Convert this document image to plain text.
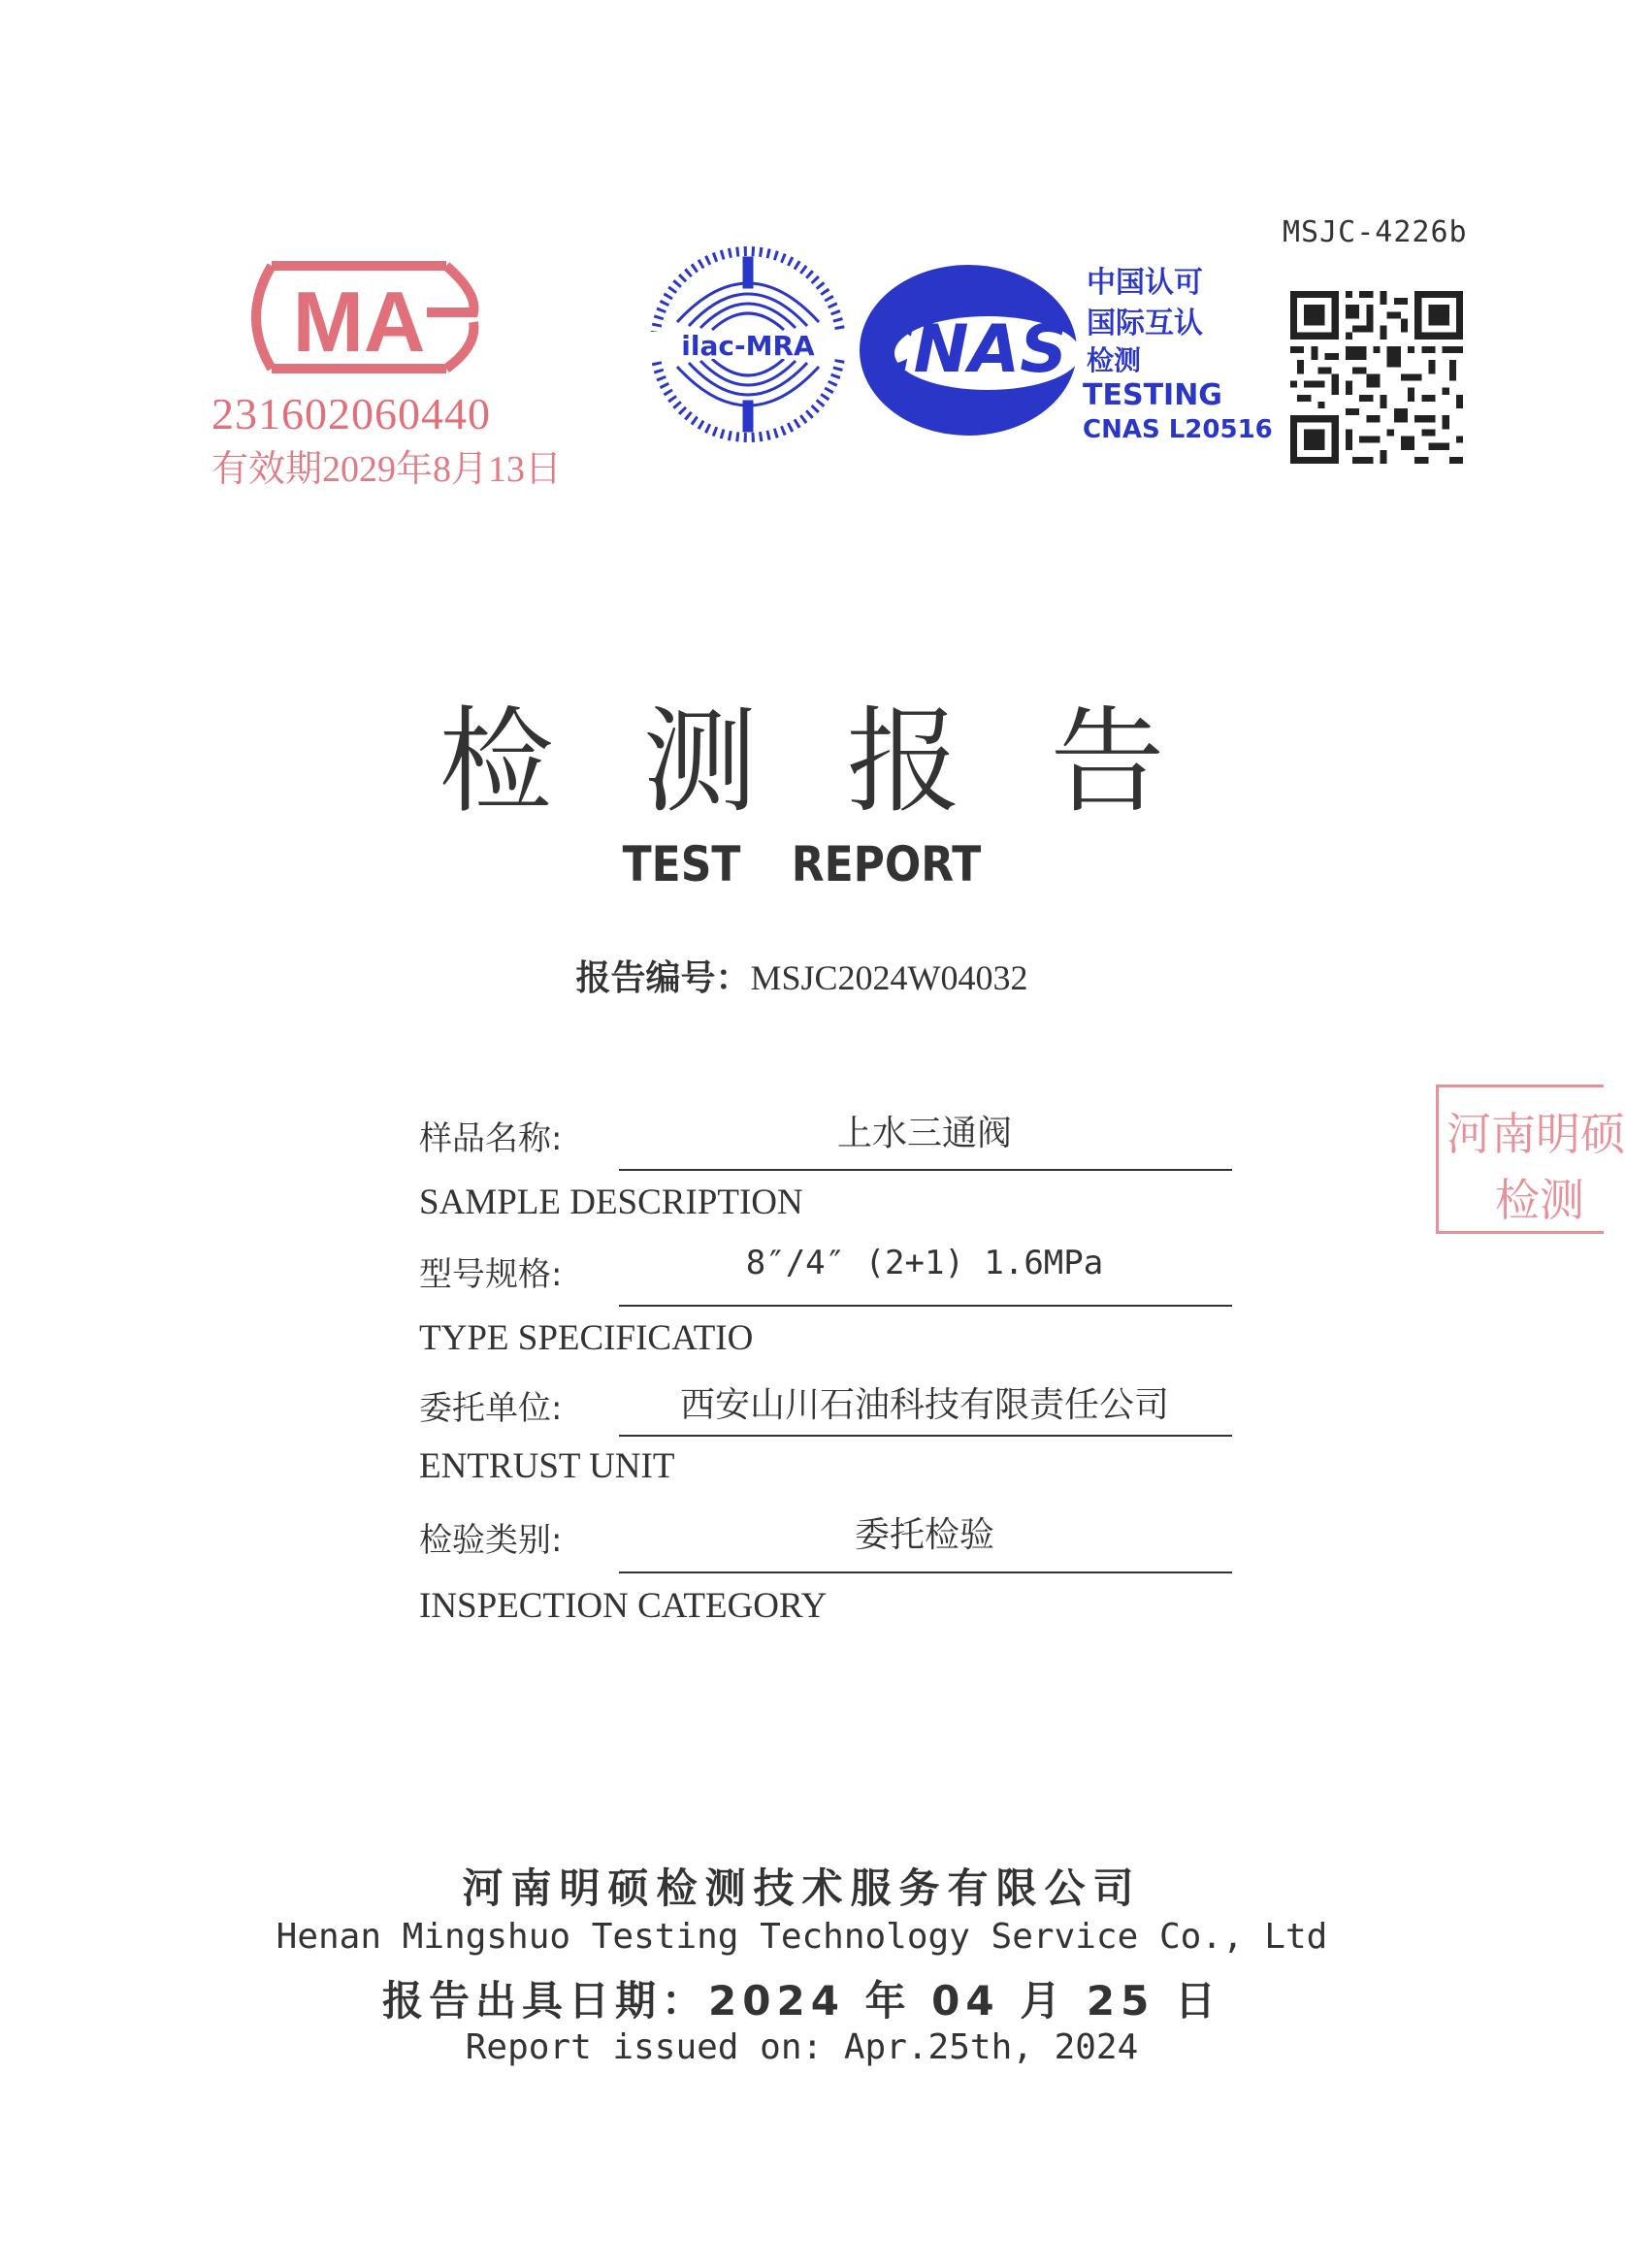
MSJC-4226b
MA
231602060440
有效期2029年8月13日
ilac-MRA CNAS
中国认可
国际互认
检测
TESTING
CNAS L20516
检测报告
TEST REPORT
报告编号：MSJC2024W04032
样品名称:	上水三通阀
SAMPLE DESCRIPTION
型号规格:	8″/4″ (2+1) 1.6MPa
TYPE SPECIFICATIO
委托单位:	西安山川石油科技有限责任公司
ENTRUST UNIT
检验类别:	委托检验
INSPECTION CATEGORY
河南明硕
检测
河南明硕检测技术服务有限公司
Henan Mingshuo Testing Technology Service Co., Ltd
报告出具日期：2024 年 04 月 25 日
Report issued on: Apr.25th, 2024
